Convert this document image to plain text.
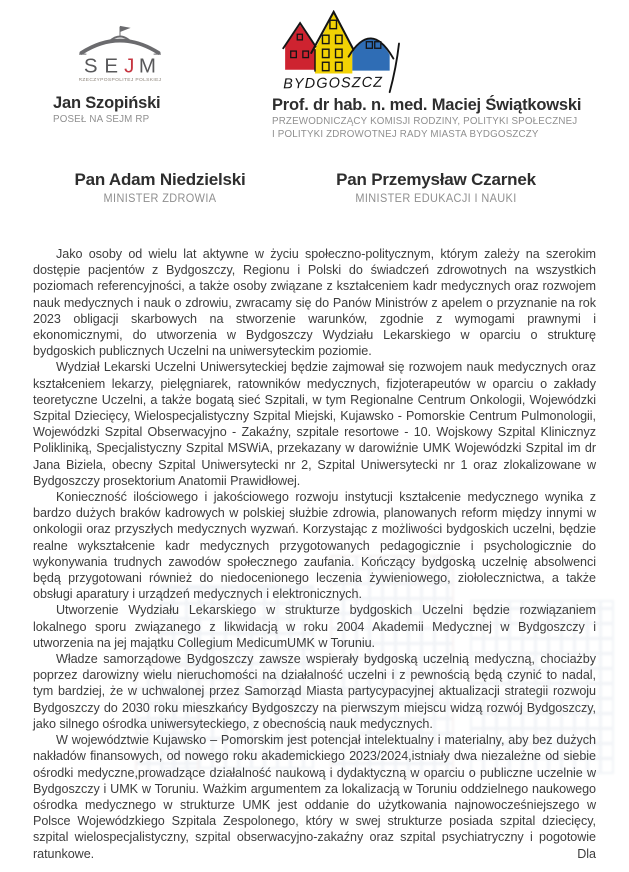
S E J M
RZECZYPOSPOLITEJ POLSKIEJ
Jan Szopiński
POSEŁ NA SEJM RP
BYDGOSZCZ
Prof. dr hab. n. med. Maciej Świątkowski
PRZEWODNICZĄCY KOMISJI RODZINY, POLITYKI SPOŁECZNEJ
I POLITYKI ZDROWOTNEJ RADY MIASTA BYDGOSZCZY
Pan Adam Niedzielski
MINISTER ZDROWIA
Pan Przemysław Czarnek
MINISTER EDUKACJI I NAUKI

Jako osoby od wielu lat aktywne w życiu społeczno-politycznym, którym zależy na szerokim dostępie pacjentów z Bydgoszczy, Regionu i Polski do świadczeń zdrowotnych na wszystkich poziomach referencyjności, a także osoby związane z kształceniem kadr medycznych oraz rozwojem nauk medycznych i nauk o zdrowiu, zwracamy się do Panów Ministrów z apelem o przyznanie na rok 2023 obligacji skarbowych na stworzenie warunków, zgodnie z wymogami prawnymi i ekonomicznymi, do utworzenia w Bydgoszczy Wydziału Lekarskiego w oparciu o strukturę bydgoskich publicznych Uczelni na uniwersyteckim poziomie.

Wydział Lekarski Uczelni Uniwersyteckiej będzie zajmował się rozwojem nauk medycznych oraz kształceniem lekarzy, pielęgniarek, ratowników medycznych, fizjoterapeutów w oparciu o zakłady teoretyczne Uczelni, a także bogatą sieć Szpitali, w tym Regionalne Centrum Onkologii, Wojewódzki Szpital Dziecięcy, Wielospecjalistyczny Szpital Miejski, Kujawsko - Pomorskie Centrum Pulmonologii, Wojewódzki Szpital Obserwacyjno - Zakaźny, szpitale resortowe - 10. Wojskowy Szpital Klinicznyz Polikliniką, Specjalistyczny Szpital MSWiA, przekazany w darowiźnie UMK Wojewódzki Szpital im dr Jana Biziela, obecny Szpital Uniwersytecki nr 2, Szpital Uniwersytecki nr 1 oraz zlokalizowane w Bydgoszczy prosektorium Anatomii Prawidłowej.

Konieczność ilościowego i jakościowego rozwoju instytucji kształcenie medycznego wynika z bardzo dużych braków kadrowych w polskiej służbie zdrowia, planowanych reform między innymi w onkologii oraz przyszłych medycznych wyzwań. Korzystając z możliwości bydgoskich uczelni, będzie realne wykształcenie kadr medycznych przygotowanych pedagogicznie i psychologicznie do wykonywania trudnych zawodów społecznego zaufania. Kończący bydgoską uczelnię absolwenci będą przygotowani również do niedocenionego leczenia żywieniowego, ziołolecznictwa, a także obsługi aparatury i urządzeń medycznych i elektronicznych.

Utworzenie Wydziału Lekarskiego w strukturze bydgoskich Uczelni będzie rozwiązaniem lokalnego sporu związanego z likwidacją w roku 2004 Akademii Medycznej w Bydgoszczy i utworzenia na jej majątku Collegium MedicumUMK w Toruniu.

Władze samorządowe Bydgoszczy zawsze wspierały bydgoską uczelnią medyczną, chociażby poprzez darowizny wielu nieruchomości na działalność uczelni i z pewnością będą czynić to nadal, tym bardziej, że w uchwalonej przez Samorząd Miasta partycypacyjnej aktualizacji strategii rozwoju Bydgoszczy do 2030 roku mieszkańcy Bydgoszczy na pierwszym miejscu widzą rozwój Bydgoszczy, jako silnego ośrodka uniwersyteckiego, z obecnością nauk medycznych.

W województwie Kujawsko – Pomorskim jest potencjał intelektualny i materialny, aby bez dużych nakładów finansowych, od nowego roku akademickiego 2023/2024,istniały dwa niezależne od siebie ośrodki medyczne,prowadzące działalność naukową i dydaktyczną w oparciu o publiczne uczelnie w Bydgoszczy i UMK w Toruniu. Ważkim argumentem za lokalizacją w Toruniu oddzielnego naukowego ośrodka medycznego w strukturze UMK jest oddanie do użytkowania najnowocześniejszego w Polsce Wojewódzkiego Szpitala Zespolonego, który w swej strukturze posiada szpital dziecięcy, szpital wielospecjalistyczny, szpital obserwacyjno-zakaźny oraz szpital psychiatryczny i pogotowie ratunkowe. Dla
